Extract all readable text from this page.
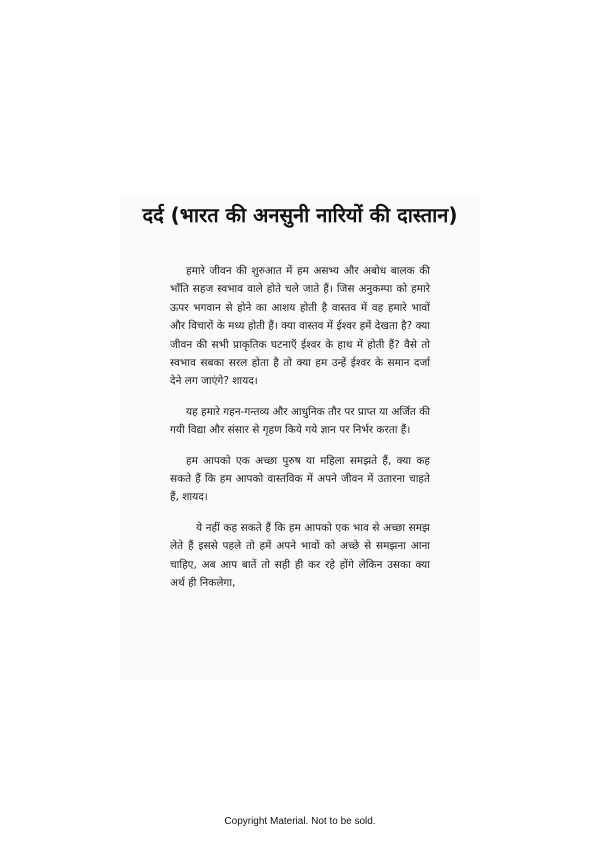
दर्द (भारत की अनसुनी नारियों की दास्तान)

हमारे जीवन की शुरुआत में हम असभ्य और अबोध बालक की भाँति सहज स्वभाव वाले होते चले जाते हैं। जिस अनुकम्पा को हमारे ऊपर भगवान से होने का आशय होती है वास्तव में वह हमारे भावों और विचारों के मध्य होती हैं। क्या वास्तव में ईश्वर हमें देखता है? क्या जीवन की सभी प्राकृतिक घटनाएँ ईश्वर के हाथ में होती हैं? वैसे तो स्वभाव सबका सरल होता है तो क्या हम उन्हें ईश्वर के समान दर्जा देने लग जाएंगे? शायद।

यह हमारे गहन-गन्तव्य और आधुनिक तौर पर प्राप्त या अर्जित की गयी विद्या और संसार से गृहण किये गये ज्ञान पर निर्भर करता हैं।

हम आपको एक अच्छा पुरुष या महिला समझते हैं, क्या कह सकते हैं कि हम आपको वास्तविक में अपने जीवन में उतारना चाहते हैं, शायद।

ये नहीं कह सकते हैं कि हम आपको एक भाव से अच्छा समझ लेते हैं इससे पहले तो हमें अपने भावों को अच्छे से समझना आना चाहिए, अब आप बातें तो सही ही कर रहे होंगे लेकिन उसका क्या अर्थ ही निकलेगा,

Copyright Material. Not to be sold.
